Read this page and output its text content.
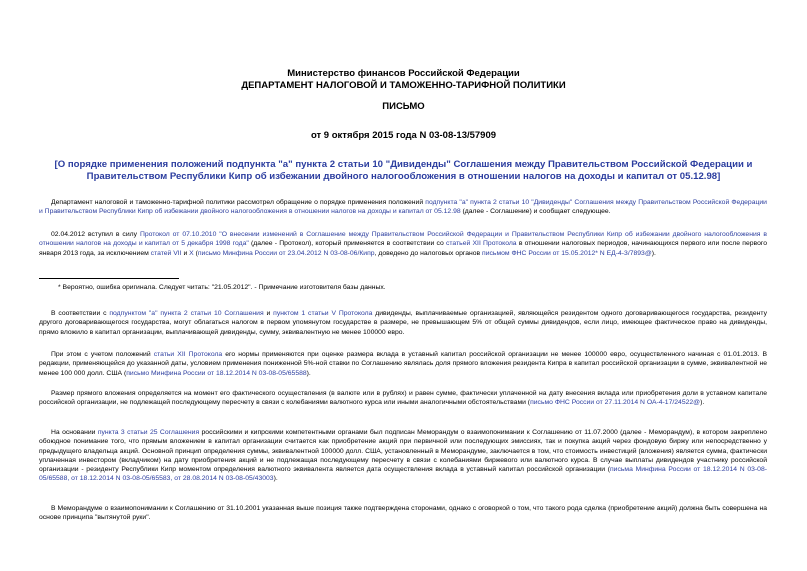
Министерство финансов Российской Федерации
ДЕПАРТАМЕНТ НАЛОГОВОЙ И ТАМОЖЕННО-ТАРИФНОЙ ПОЛИТИКИ
ПИСЬМО
от 9 октября 2015 года N 03-08-13/57909
[О порядке применения положений подпункта "а" пункта 2 статьи 10 "Дивиденды" Соглашения между Правительством Российской Федерации и Правительством Республики Кипр об избежании двойного налогообложения в отношении налогов на доходы и капитал от 05.12.98]
Департамент налоговой и таможенно-тарифной политики рассмотрел обращение о порядке применения положений подпункта "а" пункта 2 статьи 10 "Дивиденды" Соглашения между Правительством Российской Федерации и Правительством Республики Кипр об избежании двойного налогообложения в отношении налогов на доходы и капитал от 05.12.98 (далее - Соглашение) и сообщает следующее.
02.04.2012 вступил в силу Протокол от 07.10.2010 "О внесении изменений в Соглашение между Правительством Российской Федерации и Правительством Республики Кипр об избежании двойного налогообложения в отношении налогов на доходы и капитал от 5 декабря 1998 года" (далее - Протокол), который применяется в соответствии со статьей XII Протокола в отношении налоговых периодов, начинающихся первого или после первого января 2013 года, за исключением статей VII и X (письмо Минфина России от 23.04.2012 N 03-08-06/Кипр, доведено до налоговых органов письмом ФНС России от 15.05.2012* N ЕД-4-3/7893@).
* Вероятно, ошибка оригинала. Следует читать: "21.05.2012". - Примечание изготовителя базы данных.
В соответствии с подпунктом "а" пункта 2 статьи 10 Соглашения и пунктом 1 статьи V Протокола дивиденды, выплачиваемые организацией, являющейся резидентом одного договаривающегося государства, резиденту другого договаривающегося государства, могут облагаться налогом в первом упомянутом государстве в размере, не превышающем 5% от общей суммы дивидендов, если лицо, имеющее фактическое право на дивиденды, прямо вложило в капитал организации, выплачивающей дивиденды, сумму, эквивалентную не менее 100000 евро.
При этом с учетом положений статьи XII Протокола его нормы применяются при оценке размера вклада в уставный капитал российской организации не менее 100000 евро, осуществленного начиная с 01.01.2013. В редакции, применяющейся до указанной даты, условием применения пониженной 5%-ной ставки по Соглашению являлась доля прямого вложения резидента Кипра в капитал российской организации в сумме, эквивалентной не менее 100 000 долл. США (письмо Минфина России от 18.12.2014 N 03-08-05/65588).
Размер прямого вложения определяется на момент его фактического осуществления (в валюте или в рублях) и равен сумме, фактически уплаченной на дату внесения вклада или приобретения доли в уставном капитале российской организации, не подлежащей последующему пересчету в связи с колебаниями валютного курса или иными аналогичными обстоятельствами (письмо ФНС России от 27.11.2014 N ОА-4-17/24522@).
На основании пункта 3 статьи 25 Соглашения российскими и кипрскими компетентными органами был подписан Меморандум о взаимопонимании к Соглашению от 11.07.2000 (далее - Меморандум), в котором закреплено обоюдное понимание того, что прямым вложением в капитал организации считается как приобретение акций при первичной или последующих эмиссиях, так и покупка акций через фондовую биржу или непосредственно у предыдущего владельца акций. Основной принцип определения суммы, эквивалентной 100000 долл. США, установленный в Меморандуме, заключается в том, что стоимость инвестиций (вложения) является сумма, фактически уплаченная инвестором (вкладчиком) на дату приобретения акций и не подлежащая последующему пересчету в связи с колебаниями биржевого или валютного курса. В случае выплаты дивидендов участнику российской организации - резиденту Республики Кипр моментом определения валютного эквивалента является дата осуществления вклада в уставный капитал российской организации (письма Минфина России от 18.12.2014 N 03-08-05/65588, от 18.12.2014 N 03-08-05/65583, от 28.08.2014 N 03-08-05/43003).
В Меморандуме о взаимопонимании к Соглашению от 31.10.2001 указанная выше позиция также подтверждена сторонами, однако с оговоркой о том, что такого рода сделка (приобретение акций) должна быть совершена на основе принципа "вытянутой руки".
